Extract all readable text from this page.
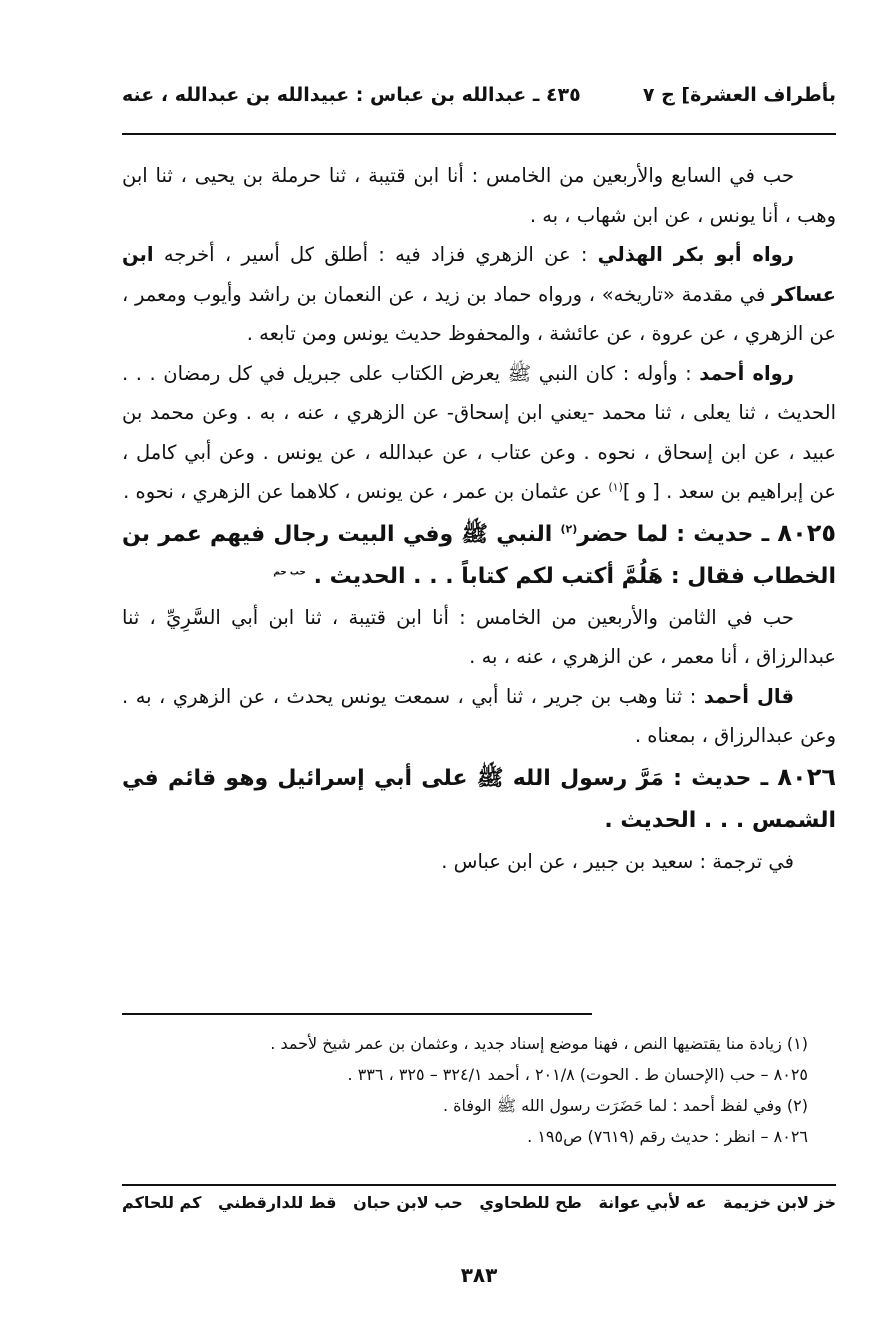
بأطراف العشرة] ج ٧
٤٣٥ ـ عبدالله بن عباس : عبيدالله بن عبدالله ، عنه

حب في السابع والأربعين من الخامس : أنا ابن قتيبة ، ثنا حرملة بن يحيى ، ثنا ابن وهب ، أنا يونس ، عن ابن شهاب ، به .

رواه أبو بكر الهذلي : عن الزهري فزاد فيه : أطلق كل أسير ، أخرجه ابن عساكر في مقدمة «تاريخه» ، ورواه حماد بن زيد ، عن النعمان بن راشد وأيوب ومعمر ، عن الزهري ، عن عروة ، عن عائشة ، والمحفوظ حديث يونس ومن تابعه .

رواه أحمد : وأوله : كان النبي ﷺ يعرض الكتاب على جبريل في كل رمضان . . . الحديث ، ثنا يعلى ، ثنا محمد -يعني ابن إسحاق- عن الزهري ، عنه ، به . وعن محمد بن عبيد ، عن ابن إسحاق ، نحوه . وعن عتاب ، عن عبدالله ، عن يونس . وعن أبي كامل ، عن إبراهيم بن سعد . [ و ]$^{(١)}$ عن عثمان بن عمر ، عن يونس ، كلاهما عن الزهري ، نحوه .

٨٠٢٥ ـ حديث : لما حضر$^{(٢)}$ النبي ﷺ وفي البيت رجال فيهم عمر بن الخطاب فقال : هَلُمَّ أكتب لكم كتاباً . . . الحديث . $^{حب حم}$

حب في الثامن والأربعين من الخامس : أنا ابن قتيبة ، ثنا ابن أبي السَّرِيِّ ، ثنا عبدالرزاق ، أنا معمر ، عن الزهري ، عنه ، به .

قال أحمد : ثنا وهب بن جرير ، ثنا أبي ، سمعت يونس يحدث ، عن الزهري ، به . وعن عبدالرزاق ، بمعناه .

٨٠٢٦ ـ حديث : مَرَّ رسول الله ﷺ على أبي إسرائيل وهو قائم في الشمس . . . الحديث .

في ترجمة : سعيد بن جبير ، عن ابن عباس .

(١) زيادة منا يقتضيها النص ، فهنا موضع إسناد جديد ، وعثمان بن عمر شيخ لأحمد .

٨٠٢٥ – حب (الإحسان ط . الحوت) ٢٠١/٨ ، أحمد ٣٢٤/١ – ٣٢٥ ، ٣٣٦ .

(٢) وفي لفظ أحمد : لما حَضَرَت رسول الله ﷺ الوفاة .

٨٠٢٦ – انظر : حديث رقم (٧٦١٩) ص١٩٥ .

خز لابن خزيمة
عه لأبي عوانة
طح للطحاوي
حب لابن حبان
قط للدارقطني
كم للحاكم
٣٨٣
